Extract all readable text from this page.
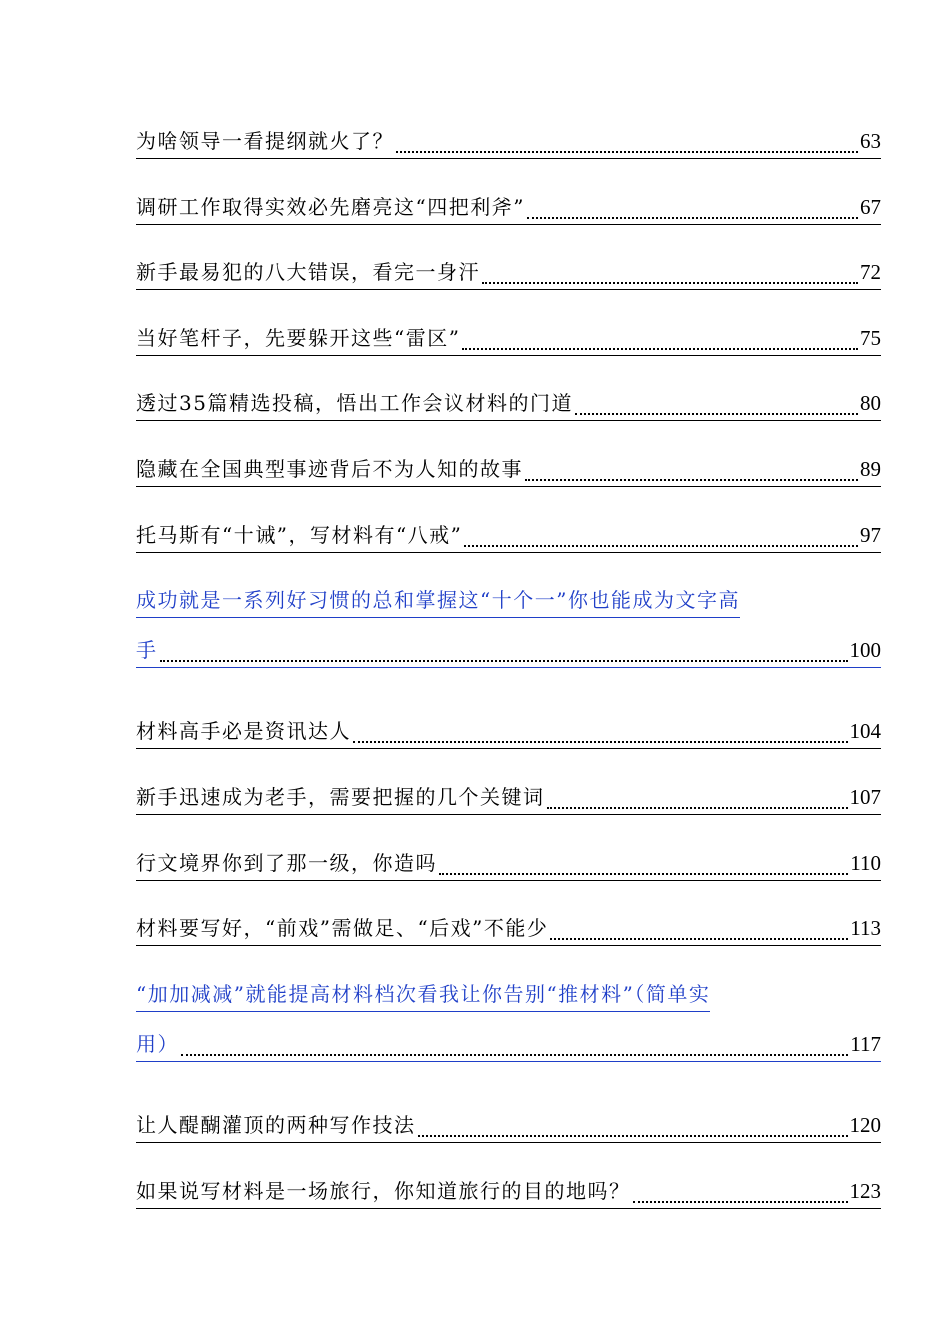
为啥领导一看提纲就火了？	63
调研工作取得实效必先磨亮这“四把利斧”	67
新手最易犯的八大错误，看完一身汗	72
当好笔杆子，先要躲开这些“雷区”	75
透过35篇精选投稿，悟出工作会议材料的门道	80
隐藏在全国典型事迹背后不为人知的故事	89
托马斯有“十诫”，写材料有“八戒”	97
成功就是一系列好习惯的总和掌握这“十个一”你也能成为文字高
手	100
材料高手必是资讯达人	104
新手迅速成为老手，需要把握的几个关键词	107
行文境界你到了那一级，你造吗	110
材料要写好，“前戏”需做足、“后戏”不能少	113
“加加减减”就能提高材料档次看我让你告别“推材料”（简单实
用）	117
让人醍醐灌顶的两种写作技法	120
如果说写材料是一场旅行，你知道旅行的目的地吗？	123
